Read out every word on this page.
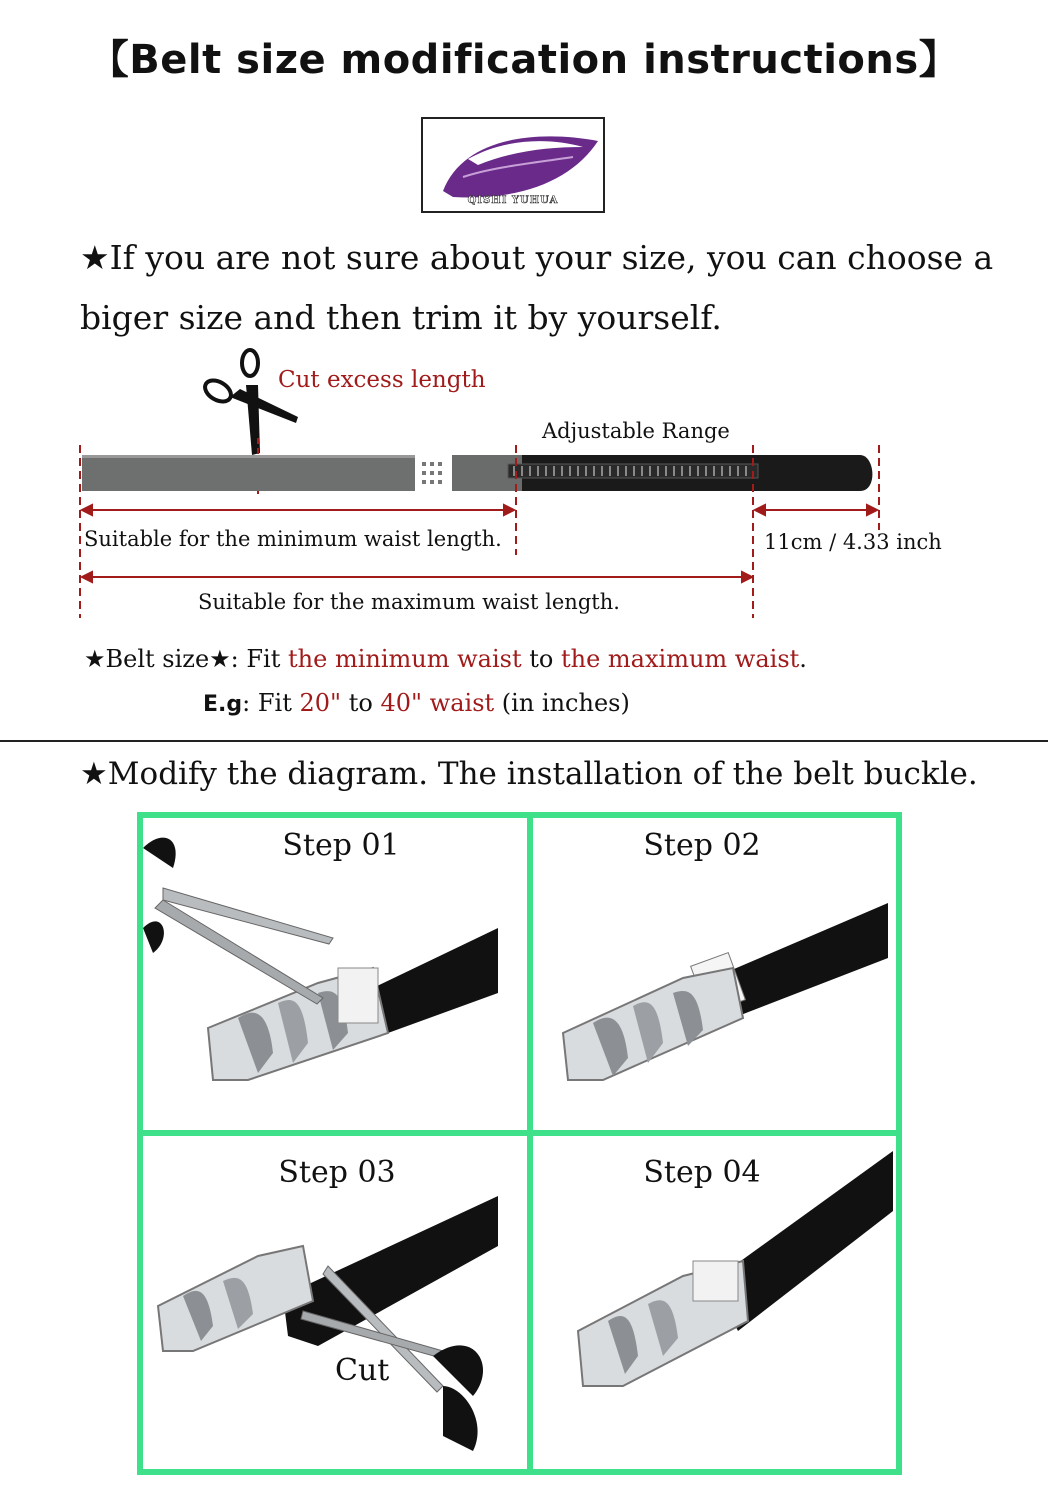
【Belt size modification instructions】
QISHI YUHUA
★If you are not sure about your size, you can choose a biger size and then trim it by yourself.
Cut excess length
Adjustable Range
Suitable for the minimum waist length.	11cm / 4.33 inch
Suitable for the maximum waist length.
★Belt size★: Fit the minimum waist to the maximum waist.
E.g: Fit 20" to 40" waist (in inches)
★Modify the diagram. The installation of the belt buckle.
Step 01	Step 02
Step 03	Step 04
Cut
